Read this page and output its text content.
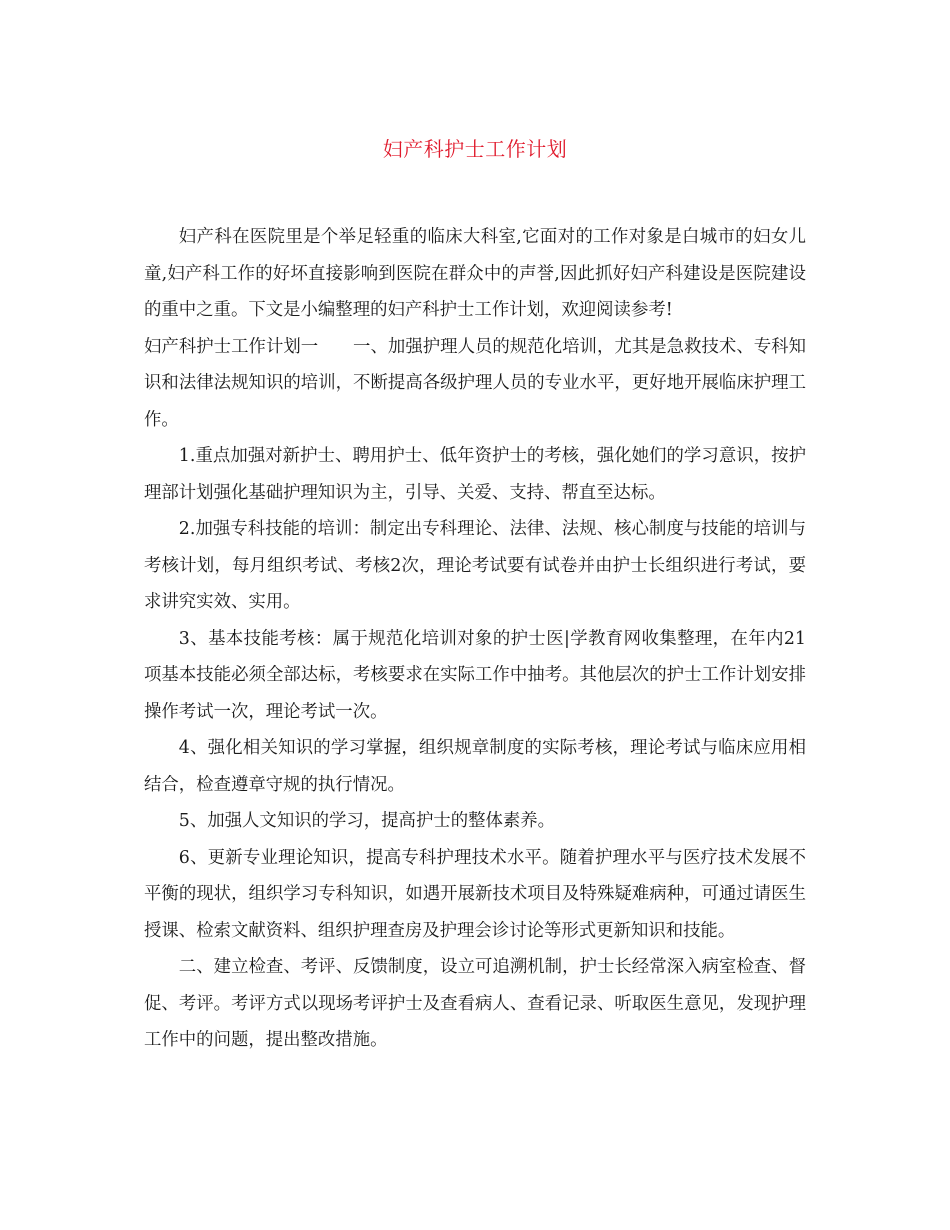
妇产科护士工作计划

妇产科在医院里是个举足轻重的临床大科室,它面对的工作对象是白城市的妇女儿童,妇产科工作的好坏直接影响到医院在群众中的声誉,因此抓好妇产科建设是医院建设的重中之重。下文是小编整理的妇产科护士工作计划，欢迎阅读参考!

妇产科护士工作计划一　　一、加强护理人员的规范化培训，尤其是急救技术、专科知识和法律法规知识的培训，不断提高各级护理人员的专业水平，更好地开展临床护理工作。

1.重点加强对新护士、聘用护士、低年资护士的考核，强化她们的学习意识，按护理部计划强化基础护理知识为主，引导、关爱、支持、帮直至达标。

2.加强专科技能的培训：制定出专科理论、法律、法规、核心制度与技能的培训与考核计划，每月组织考试、考核2次，理论考试要有试卷并由护士长组织进行考试，要求讲究实效、实用。

3、基本技能考核：属于规范化培训对象的护士医|学教育网收集整理，在年内21项基本技能必须全部达标，考核要求在实际工作中抽考。其他层次的护士工作计划安排操作考试一次，理论考试一次。

4、强化相关知识的学习掌握，组织规章制度的实际考核，理论考试与临床应用相结合，检查遵章守规的执行情况。

5、加强人文知识的学习，提高护士的整体素养。

6、更新专业理论知识，提高专科护理技术水平。随着护理水平与医疗技术发展不平衡的现状，组织学习专科知识，如遇开展新技术项目及特殊疑难病种，可通过请医生授课、检索文献资料、组织护理查房及护理会诊讨论等形式更新知识和技能。

二、建立检查、考评、反馈制度，设立可追溯机制，护士长经常深入病室检查、督促、考评。考评方式以现场考评护士及查看病人、查看记录、听取医生意见，发现护理工作中的问题，提出整改措施。
